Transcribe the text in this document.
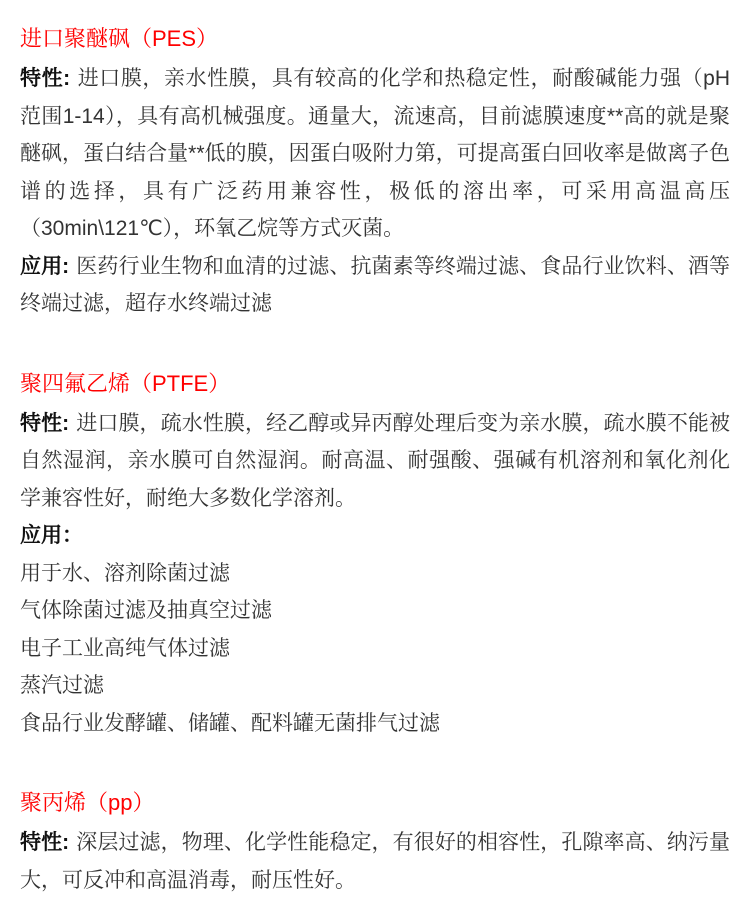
进口聚醚砜（PES）

特性: 进口膜，亲水性膜，具有较高的化学和热稳定性，耐酸碱能力强（pH范围1-14），具有高机械强度。通量大，流速高，目前滤膜速度**高的就是聚醚砜，蛋白结合量**低的膜，因蛋白吸附力第，可提高蛋白回收率是做离子色谱的选择，具有广泛药用兼容性，极低的溶出率，可采用高温高压（30min\121℃），环氧乙烷等方式灭菌。

应用: 医药行业生物和血清的过滤、抗菌素等终端过滤、食品行业饮料、酒等终端过滤，超存水终端过滤

聚四氟乙烯（PTFE）

特性: 进口膜，疏水性膜，经乙醇或异丙醇处理后变为亲水膜，疏水膜不能被自然湿润，亲水膜可自然湿润。耐高温、耐强酸、强碱有机溶剂和氧化剂化学兼容性好，耐绝大多数化学溶剂。

应用：

用于水、溶剂除菌过滤
气体除菌过滤及抽真空过滤
电子工业高纯气体过滤
蒸汽过滤
食品行业发酵罐、储罐、配料罐无菌排气过滤
聚丙烯（pp）

特性: 深层过滤，物理、化学性能稳定，有很好的相容性，孔隙率高、纳污量大，可反冲和高温消毒，耐压性好。
